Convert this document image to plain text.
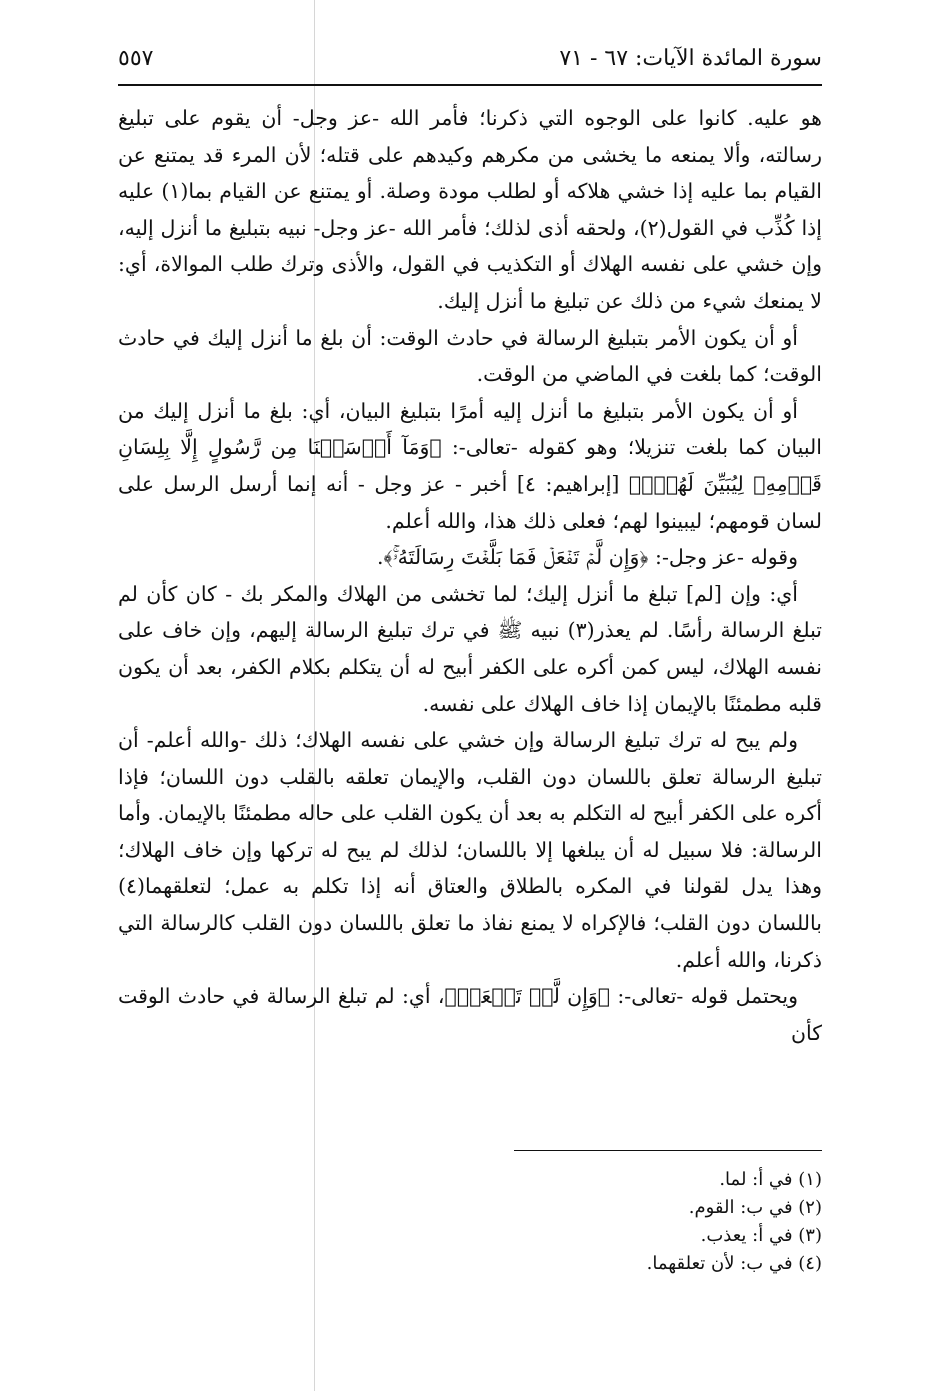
سورة المائدة الآيات: ٦٧ - ٧١
٥٥٧

هو عليه. كانوا على الوجوه التي ذكرنا؛ فأمر الله -عز وجل- أن يقوم على تبليغ رسالته، وألا يمنعه ما يخشى من مكرهم وكيدهم على قتله؛ لأن المرء قد يمتنع عن القيام بما عليه إذا خشي هلاكه أو لطلب مودة وصلة. أو يمتنع عن القيام بما(١) عليه إذا كُذِّب في القول(٢)، ولحقه أذى لذلك؛ فأمر الله -عز وجل- نبيه بتبليغ ما أنزل إليه، وإن خشي على نفسه الهلاك أو التكذيب في القول، والأذى وترك طلب الموالاة، أي: لا يمنعك شيء من ذلك عن تبليغ ما أنزل إليك.

أو أن يكون الأمر بتبليغ الرسالة في حادث الوقت: أن بلغ ما أنزل إليك في حادث الوقت؛ كما بلغت في الماضي من الوقت.

أو أن يكون الأمر بتبليغ ما أنزل إليه أمرًا بتبليغ البيان، أي: بلغ ما أنزل إليك من البيان كما بلغت تنزيلا؛ وهو كقوله -تعالى-: ﴿وَمَآ أَرۡسَلۡنَا مِن رَّسُولٍ إِلَّا بِلِسَانِ قَوۡمِهِۦ لِيُبَيِّنَ لَهُمۡۖ﴾ [إبراهيم: ٤] أخبر - عز وجل - أنه إنما أرسل الرسل على لسان قومهم؛ ليبينوا لهم؛ فعلى ذلك هذا، والله أعلم.

وقوله -عز وجل-: ﴿وَإِن لَّمۡ تَفۡعَلۡ فَمَا بَلَّغۡتَ رِسَالَتَهُۥۚ﴾.

أي: وإن [لم] تبلغ ما أنزل إليك؛ لما تخشى من الهلاك والمكر بك - كان كأن لم تبلغ الرسالة رأسًا. لم يعذر(٣) نبيه ﷺ في ترك تبليغ الرسالة إليهم، وإن خاف على نفسه الهلاك، ليس كمن أكره على الكفر أبيح له أن يتكلم بكلام الكفر، بعد أن يكون قلبه مطمئنًا بالإيمان إذا خاف الهلاك على نفسه.

ولم يبح له ترك تبليغ الرسالة وإن خشي على نفسه الهلاك؛ ذلك -والله أعلم- أن تبليغ الرسالة تعلق باللسان دون القلب، والإيمان تعلقه بالقلب دون اللسان؛ فإذا أكره على الكفر أبيح له التكلم به بعد أن يكون القلب على حاله مطمئنًا بالإيمان. وأما الرسالة: فلا سبيل له أن يبلغها إلا باللسان؛ لذلك لم يبح له تركها وإن خاف الهلاك؛ وهذا يدل لقولنا في المكره بالطلاق والعتاق أنه إذا تكلم به عمل؛ لتعلقهما(٤) باللسان دون القلب؛ فالإكراه لا يمنع نفاذ ما تعلق باللسان دون القلب كالرسالة التي ذكرنا، والله أعلم.

ويحتمل قوله -تعالى-: ﴿وَإِن لَّمۡ تَفۡعَلۡ﴾، أي: لم تبلغ الرسالة في حادث الوقت كأن

(١) في أ: لما.

(٢) في ب: القوم.

(٣) في أ: يعذب.

(٤) في ب: لأن تعلقهما.
